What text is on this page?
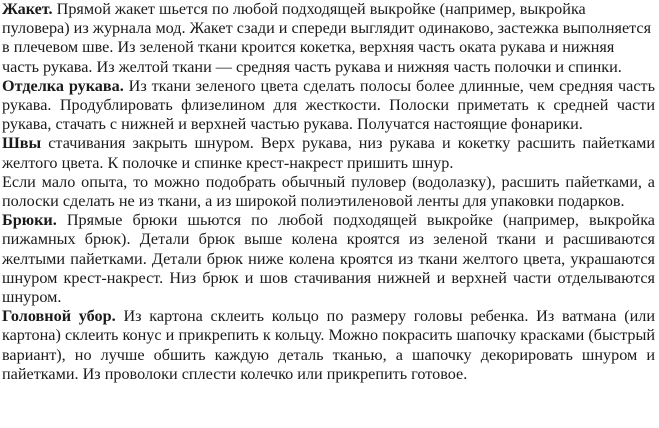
Жакет. Прямой жакет шьется по любой подходящей выкройке (например, выкройка пуловера) из журнала мод. Жакет сзади и спереди выглядит одинаково, застежка выполняется в плечевом шве. Из зеленой ткани кроится кокетка, верхняя часть оката рукава и нижняя часть рукава. Из желтой ткани — средняя часть рукава и нижняя часть полочки и спинки.

Отделка рукава. Из ткани зеленого цвета сделать полосы более длинные, чем средняя часть рукава. Продублировать флизелином для жесткости. Полоски приметать к средней части рукава, стачать с нижней и верхней частью рукава. Получатся настоящие фонарики.

Швы стачивания закрыть шнуром. Верх рукава, низ рукава и кокетку расшить пайетками желтого цвета. К полочке и спинке крест-накрест пришить шнур.

Если мало опыта, то можно подобрать обычный пуловер (водолазку), расшить пайетками, а полоски сделать не из ткани, а из широкой полиэтиленовой ленты для упаковки подарков.

Брюки. Прямые брюки шьются по любой подходящей выкройке (например, выкройка пижамных брюк). Детали брюк выше колена кроятся из зеленой ткани и расшиваются желтыми пайетками. Детали брюк ниже колена кроятся из ткани желтого цвета, украшаются шнуром крест-накрест. Низ брюк и шов стачивания нижней и верхней части отделываются шнуром.

Головной убор. Из картона склеить кольцо по размеру головы ребенка. Из ватмана (или картона) склеить конус и прикрепить к кольцу. Можно покрасить шапочку красками (быстрый вариант), но лучше обшить каждую деталь тканью, а шапочку декорировать шнуром и пайетками. Из проволоки сплести колечко или прикрепить готовое.
